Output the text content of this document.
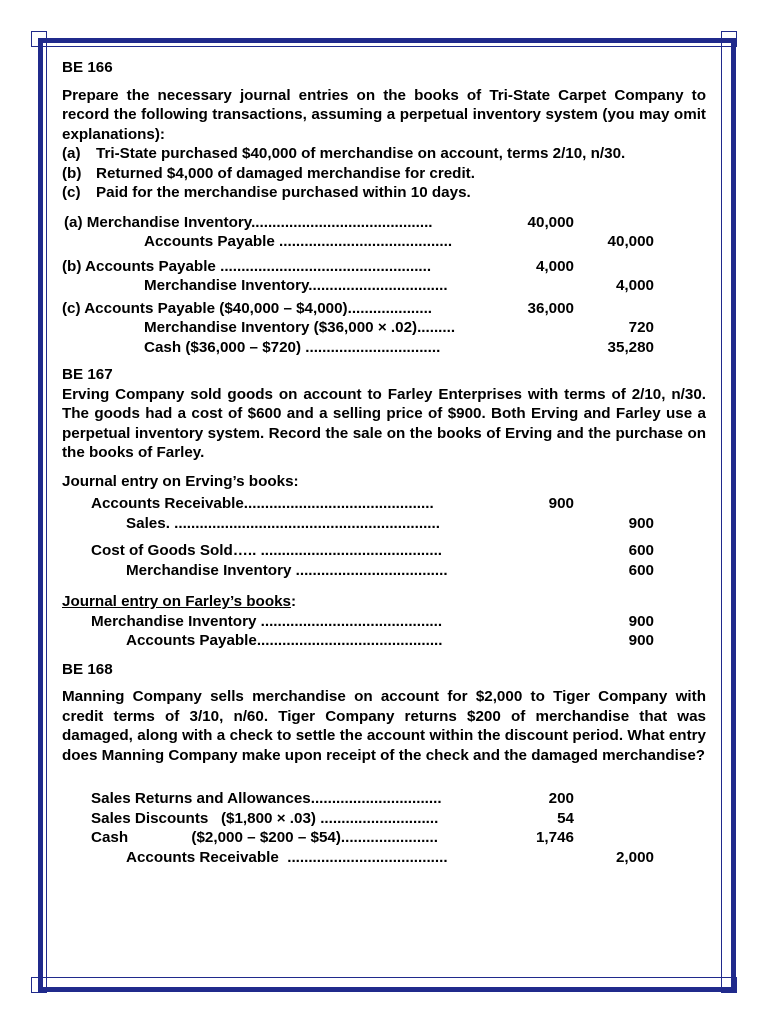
BE 166

Prepare the necessary journal entries on the books of Tri-State Carpet Company to record the following transactions, assuming a perpetual inventory system (you may omit explanations):

(a)	Tri-State purchased $40,000 of merchandise on account, terms 2/10, n/30.
(b) Returned $4,000 of damaged merchandise for credit.
(c)	Paid for the merchandise purchased within 10 days.
(a) Merchandise Inventory...........................................	40,000
Accounts Payable .........................................	40,000
(b) Accounts Payable ..................................................	4,000
Merchandise Inventory.................................	4,000
(c) Accounts Payable ($40,000 – $4,000)....................	36,000
Merchandise Inventory ($36,000 × .02).........	720
Cash ($36,000 – $720) ................................	35,280

BE 167

Erving Company sold goods on account to Farley Enterprises with terms of 2/10, n/30. The goods had a cost of $600 and a selling price of $900. Both Erving and Farley use a perpetual inventory system. Record the sale on the books of Erving and the purchase on the books of Farley.

Journal entry on Erving’s books:

Accounts Receivable.............................................	900
Sales. ...............................................................	900
Cost of Goods Sold….. ...........................................	600
Merchandise Inventory ....................................	600

Journal entry on Farley’s books:

Merchandise Inventory ...........................................	900
Accounts Payable............................................	900

BE 168

Manning Company sells merchandise on account for $2,000 to Tiger Company with credit terms of 3/10, n/60. Tiger Company returns $200 of merchandise that was damaged, along with a check to settle the account within the discount period. What entry does Manning Company make upon receipt of the check and the damaged merchandise?

Sales Returns and Allowances...............................	200
Sales Discounts   ($1,800 × .03) ............................	54
Cash               ($2,000 – $200 – $54).......................	1,746
Accounts Receivable  ......................................	2,000
